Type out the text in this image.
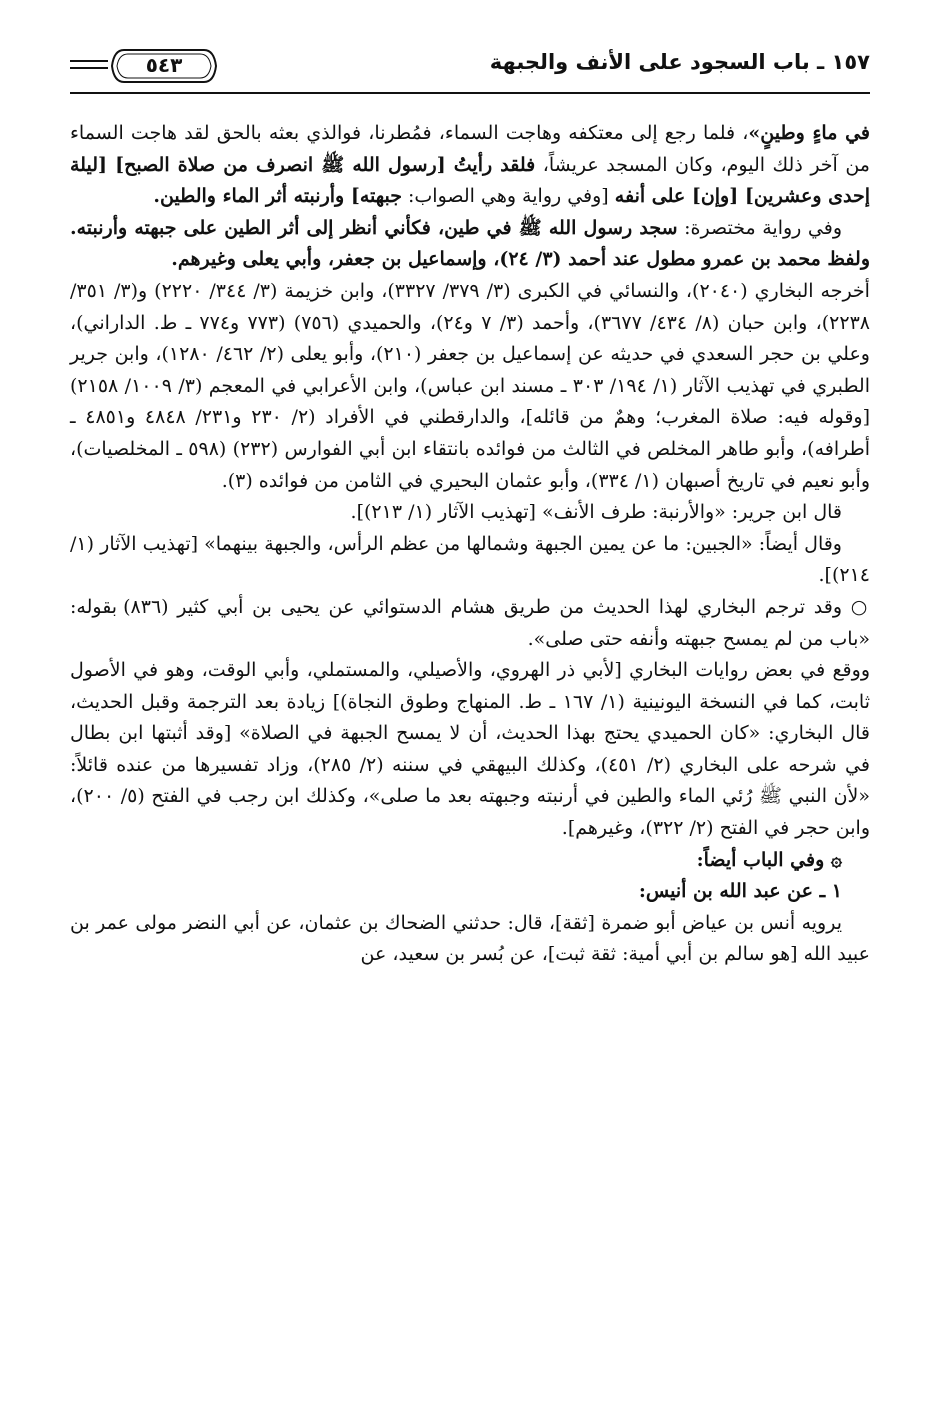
١٥٧ ـ باب السجود على الأنف والجبهة
٥٤٣

في ماءٍ وطينٍ»، فلما رجع إلى معتكفه وهاجت السماء، فمُطرنا، فوالذي بعثه بالحق لقد هاجت السماء من آخر ذلك اليوم، وكان المسجد عريشاً، فلقد رأيتُ [رسول الله ﷺ انصرف من صلاة الصبح] [ليلة إحدى وعشرين] [وإن] على أنفه [وفي رواية وهي الصواب: جبهته] وأرنبته أثر الماء والطين.

وفي رواية مختصرة: سجد رسول الله ﷺ في طين، فكأني أنظر إلى أثر الطين على جبهته وأرنبته. ولفظ محمد بن عمرو مطول عند أحمد (٣/ ٢٤)، وإسماعيل بن جعفر، وأبي يعلى وغيرهم.

أخرجه البخاري (٢٠٤٠)، والنسائي في الكبرى (٣/ ٣٧٩/ ٣٣٢٧)، وابن خزيمة (٣/ ٣٤٤/ ٢٢٢٠) و(٣/ ٣٥١/ ٢٢٣٨)، وابن حبان (٨/ ٤٣٤/ ٣٦٧٧)، وأحمد (٣/ ٧ و٢٤)، والحميدي (٧٥٦) (٧٧٣ و٧٧٤ ـ ط. الداراني)، وعلي بن حجر السعدي في حديثه عن إسماعيل بن جعفر (٢١٠)، وأبو يعلى (٢/ ٤٦٢/ ١٢٨٠)، وابن جرير الطبري في تهذيب الآثار (١/ ١٩٤/ ٣٠٣ ـ مسند ابن عباس)، وابن الأعرابي في المعجم (٣/ ١٠٠٩/ ٢١٥٨) [وقوله فيه: صلاة المغرب؛ وهمٌ من قائله]، والدارقطني في الأفراد (٢/ ٢٣٠ و٢٣١/ ٤٨٤٨ و٤٨٥١ ـ أطرافه)، وأبو طاهر المخلص في الثالث من فوائده بانتقاء ابن أبي الفوارس (٢٣٢) (٥٩٨ ـ المخلصيات)، وأبو نعيم في تاريخ أصبهان (١/ ٣٣٤)، وأبو عثمان البحيري في الثامن من فوائده (٣).

قال ابن جرير: «والأرنبة: طرف الأنف» [تهذيب الآثار (١/ ٢١٣)].

وقال أيضاً: «الجبين: ما عن يمين الجبهة وشمالها من عظم الرأس، والجبهة بينهما» [تهذيب الآثار (١/ ٢١٤)].

○ وقد ترجم البخاري لهذا الحديث من طريق هشام الدستوائي عن يحيى بن أبي كثير (٨٣٦) بقوله: «باب من لم يمسح جبهته وأنفه حتى صلى».

ووقع في بعض روايات البخاري [لأبي ذر الهروي، والأصيلي، والمستملي، وأبي الوقت، وهو في الأصول ثابت، كما في النسخة اليونينية (١/ ١٦٧ ـ ط. المنهاج وطوق النجاة)] زيادة بعد الترجمة وقبل الحديث، قال البخاري: «كان الحميدي يحتج بهذا الحديث، أن لا يمسح الجبهة في الصلاة» [وقد أثبتها ابن بطال في شرحه على البخاري (٢/ ٤٥١)، وكذلك البيهقي في سننه (٢/ ٢٨٥)، وزاد تفسيرها من عنده قائلاً: «لأن النبي ﷺ رُئي الماء والطين في أرنبته وجبهته بعد ما صلى»، وكذلك ابن رجب في الفتح (٥/ ٢٠٠)، وابن حجر في الفتح (٢/ ٣٢٢)، وغيرهم].

۞ وفي الباب أيضاً:

١ ـ عن عبد الله بن أنيس:

يرويه أنس بن عياض أبو ضمرة [ثقة]، قال: حدثني الضحاك بن عثمان، عن أبي النضر مولى عمر بن عبيد الله [هو سالم بن أبي أمية: ثقة ثبت]، عن بُسر بن سعيد، عن
